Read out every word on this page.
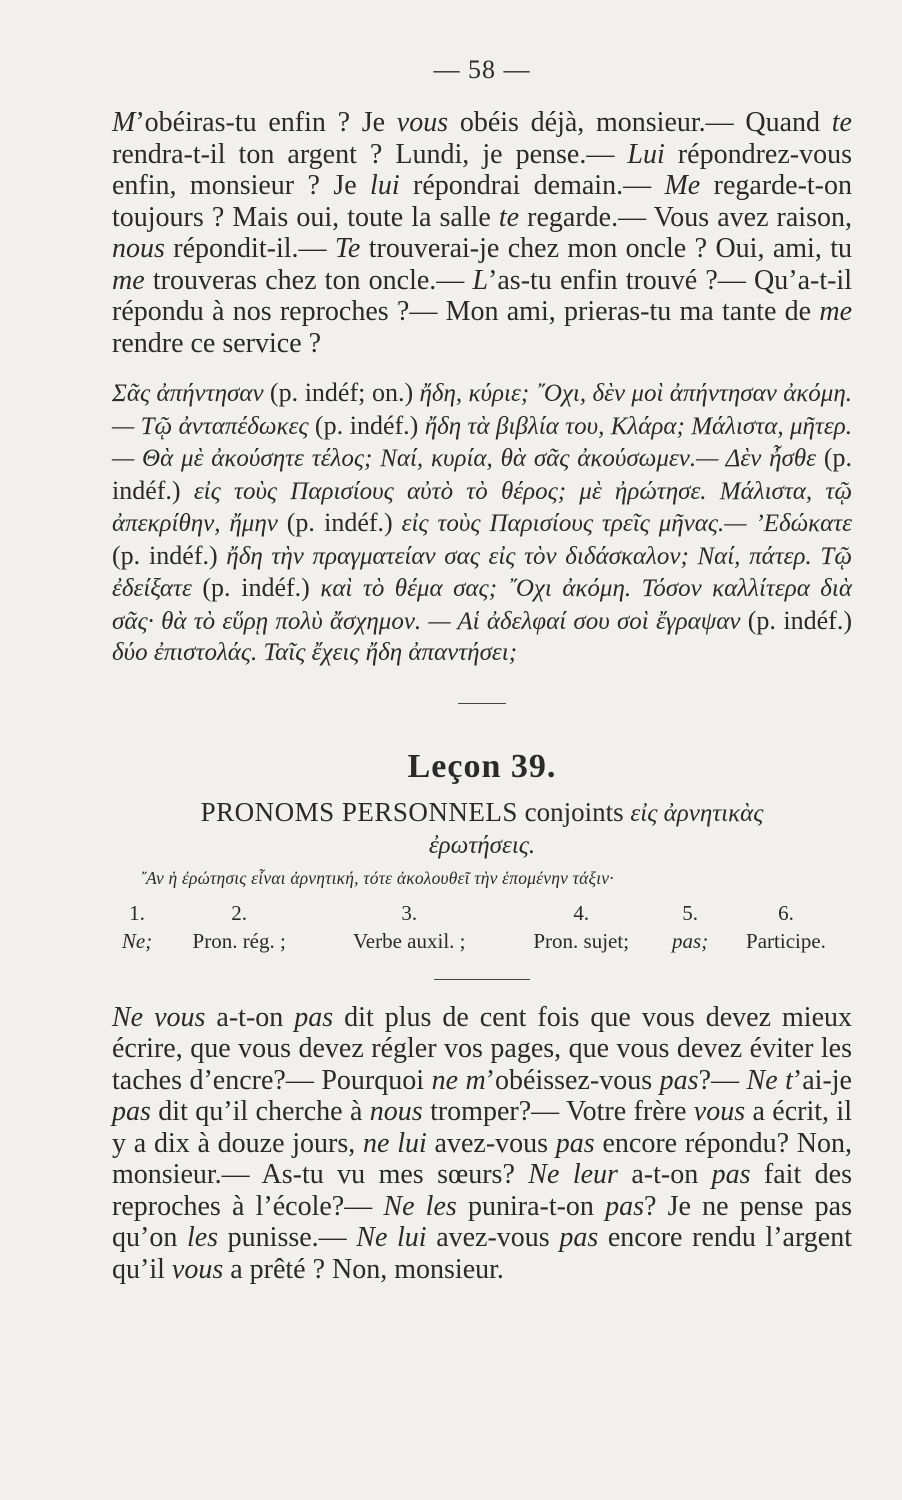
— 58 —

M’obéiras-tu enfin ? Je vous obéis déjà, monsieur.— Quand te rendra-t-il ton argent ? Lundi, je pense.— Lui répondrez-vous enfin, monsieur ? Je lui répondrai demain.— Me regarde-t-on toujours ? Mais oui, toute la salle te regarde.— Vous avez raison, nous répondit-il.— Te trouverai-je chez mon oncle ? Oui, ami, tu me trouveras chez ton oncle.— L’as-tu enfin trouvé ?— Qu’a-t-il répondu à nos reproches ?— Mon ami, prieras-tu ma tante de me rendre ce service ?

Σᾶς ἀπήντησαν (p. indéf; on.) ἤδη, κύριε; ῎Οχι, δὲν μοὶ ἀπήντησαν ἀκόμη.— Τῷ ἀνταπέδωκες (p. indéf.) ἤδη τὰ βιβλία του, Κλάρα; Μάλιστα, μῆτερ. — Θὰ μὲ ἀκούσητε τέλος; Ναί, κυρία, θὰ σᾶς ἀκούσωμεν.— Δὲν ἦσθε (p. indéf.) εἰς τοὺς Παρισίους αὐτὸ τὸ θέρος; μὲ ἠρώτησε. Μάλιστα, τῷ ἀπεκρίθην, ἤμην (p. indéf.) εἰς τοὺς Παρισίους τρεῖς μῆνας.— ’Εδώκατε (p. indéf.) ἤδη τὴν πραγματείαν σας εἰς τὸν διδάσκαλον; Ναί, πάτερ. Τῷ ἐδείξατε (p. indéf.) καὶ τὸ θέμα σας; ῎Οχι ἀκόμη. Τόσον καλλίτερα διὰ σᾶς· θὰ τὸ εὕρῃ πολὺ ἄσχημον. — Αἱ ἀδελφαί σου σοὶ ἔγραψαν (p. indéf.) δύο ἐπιστολάς. Ταῖς ἔχεις ἤδη ἀπαντήσει;

Leçon 39.

PRONOMS PERSONNELS conjoints εἰς ἀρνητικὰς

ἐρωτήσεις.

῎Αν ἡ ἐρώτησις εἶναι ἀρνητική, τότε ἀκολουθεῖ τὴν ἑπομένην τάξιν·
1.	2.	3.	4.	5.	6.
Ne;	Pron. rég. ;	Verbe auxil. ;	Pron. sujet;	pas;	Participe.

Ne vous a-t-on pas dit plus de cent fois que vous devez mieux écrire, que vous devez régler vos pages, que vous devez éviter les taches d’encre?— Pourquoi ne m’obéissez-vous pas?— Ne t’ai-je pas dit qu’il cherche à nous tromper?— Votre frère vous a écrit, il y a dix à douze jours, ne lui avez-vous pas encore répondu? Non, monsieur.— As-tu vu mes sœurs? Ne leur a-t-on pas fait des reproches à l’école?— Ne les punira-t-on pas? Je ne pense pas qu’on les punisse.— Ne lui avez-vous pas encore rendu l’argent qu’il vous a prêté ? Non, monsieur.
